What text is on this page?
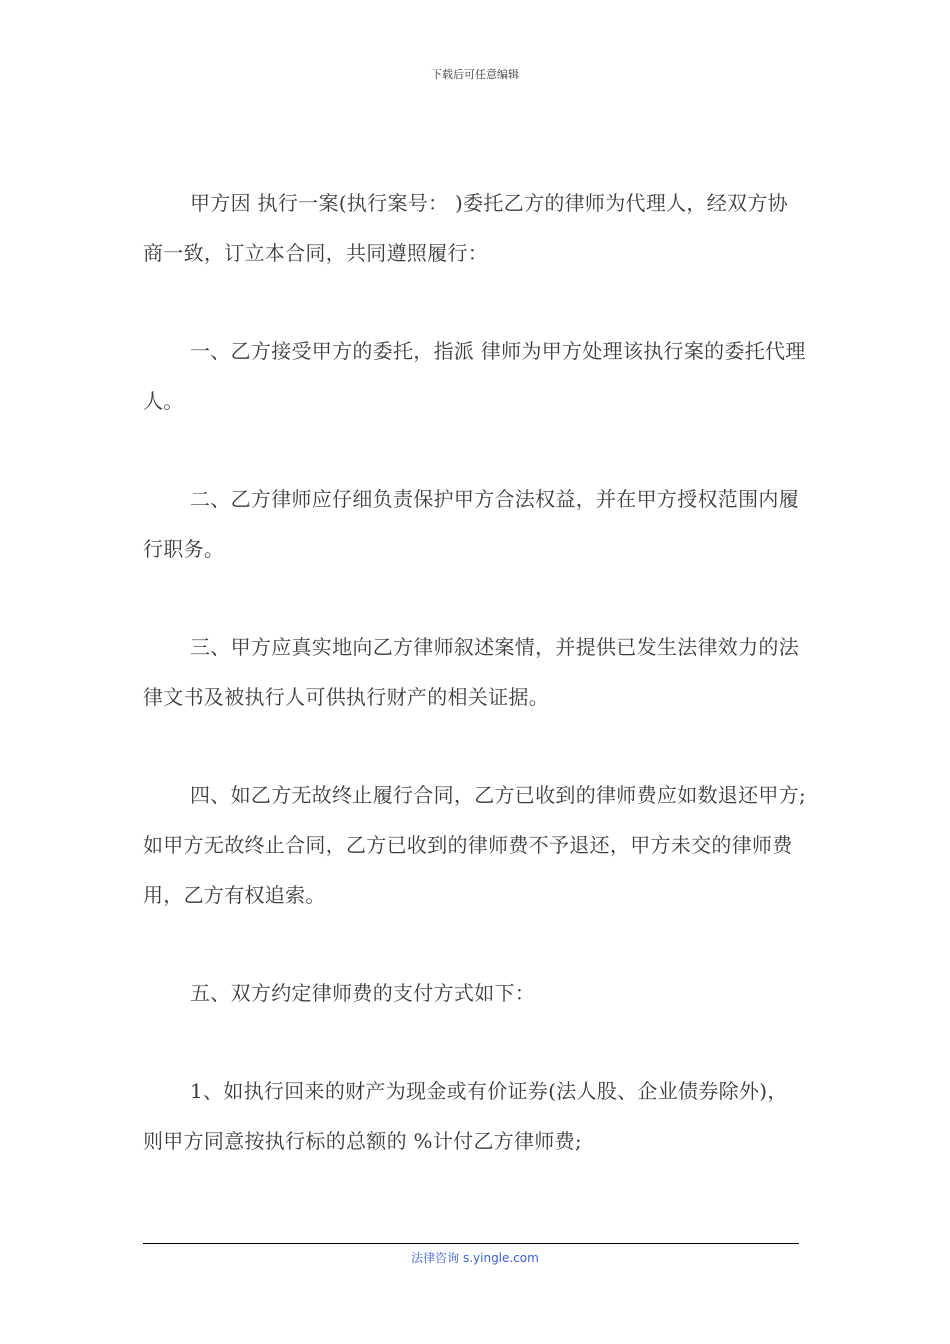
下载后可任意编辑

甲方因 执行一案(执行案号： )委托乙方的律师为代理人，经双方协商一致，订立本合同，共同遵照履行：

一、乙方接受甲方的委托，指派 律师为甲方处理该执行案的委托代理人。

二、乙方律师应仔细负责保护甲方合法权益，并在甲方授权范围内履行职务。

三、甲方应真实地向乙方律师叙述案情，并提供已发生法律效力的法律文书及被执行人可供执行财产的相关证据。

四、如乙方无故终止履行合同，乙方已收到的律师费应如数退还甲方;如甲方无故终止合同，乙方已收到的律师费不予退还，甲方未交的律师费用，乙方有权追索。

五、双方约定律师费的支付方式如下：

1、如执行回来的财产为现金或有价证券(法人股、企业债券除外)，则甲方同意按执行标的总额的 %计付乙方律师费;

法律咨询 s.yingle.com
